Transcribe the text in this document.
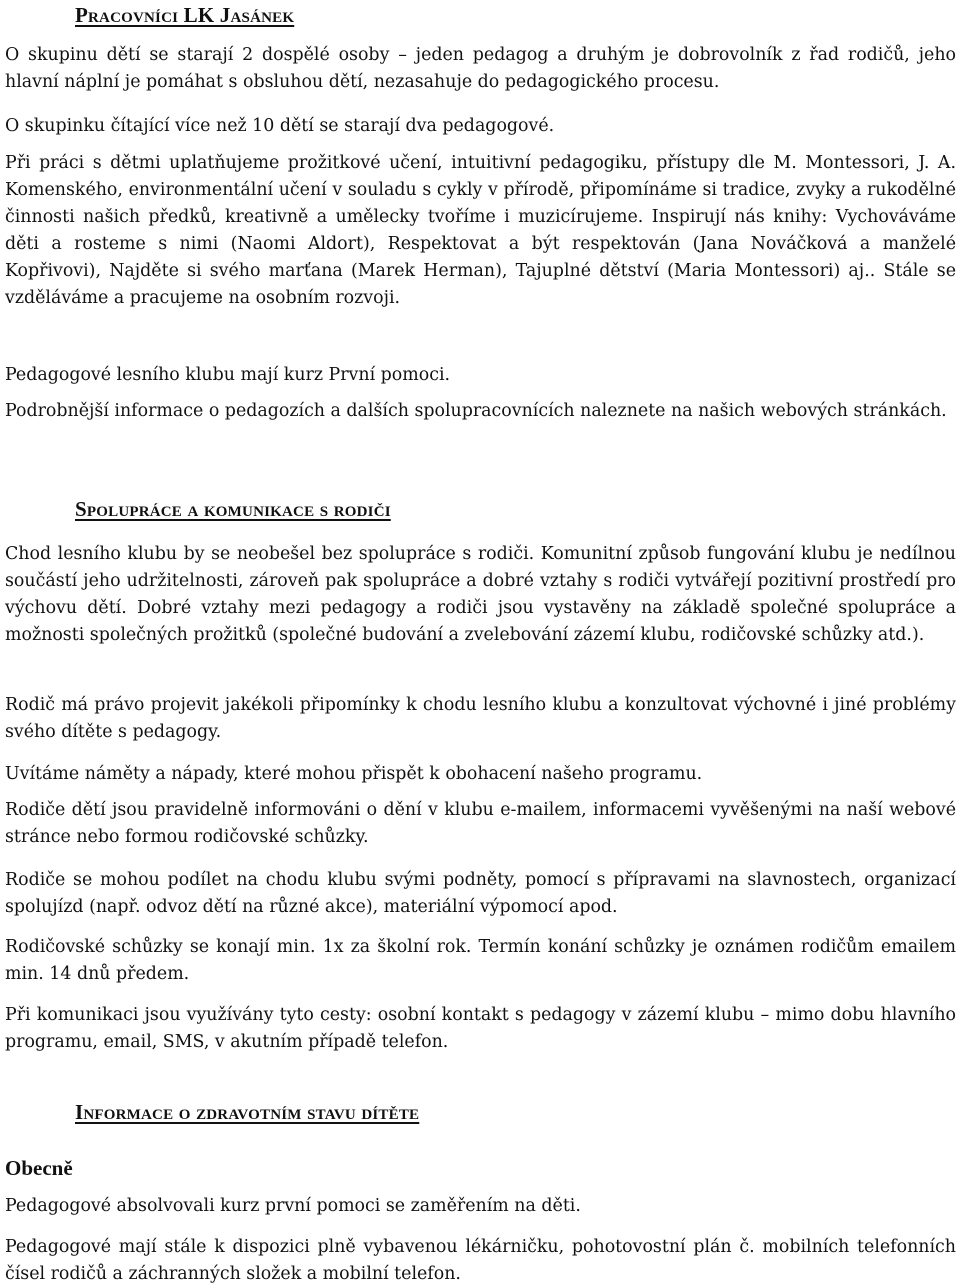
Pracovníci LK Jasánek

O skupinu dětí se starají 2 dospělé osoby – jeden pedagog a druhým je dobrovolník z řad rodičů, jeho hlavní náplní je pomáhat s obsluhou dětí, nezasahuje do pedagogického procesu.

O skupinku čítající více než 10 dětí se starají dva pedagogové.

Při práci s dětmi uplatňujeme prožitkové učení, intuitivní pedagogiku, přístupy dle M. Montessori, J. A. Komenského, environmentální učení v souladu s cykly v přírodě, připomínáme si tradice, zvyky a rukodělné činnosti našich předků, kreativně a umělecky tvoříme i muzicírujeme. Inspirují nás knihy: Vychováváme děti a rosteme s nimi (Naomi Aldort), Respektovat a být respektován (Jana Nováčková a manželé Kopřivovi), Najděte si svého marťana (Marek Herman), Tajuplné dětství (Maria Montessori) aj.. Stále se vzděláváme a pracujeme na osobním rozvoji.

Pedagogové lesního klubu mají kurz První pomoci.

Podrobnější informace o pedagozích a dalších spolupracovnících naleznete na našich webových stránkách.

Spolupráce a komunikace s rodiči

Chod lesního klubu by se neobešel bez spolupráce s rodiči. Komunitní způsob fungování klubu je nedílnou součástí jeho udržitelnosti, zároveň pak spolupráce a dobré vztahy s rodiči vytvářejí pozitivní prostředí pro výchovu dětí. Dobré vztahy mezi pedagogy a rodiči jsou vystavěny na základě společné spolupráce a možnosti společných prožitků (společné budování a zvelebování zázemí klubu, rodičovské schůzky atd.).

Rodič má právo projevit jakékoli připomínky k chodu lesního klubu a konzultovat výchovné i jiné problémy svého dítěte s pedagogy.

Uvítáme náměty a nápady, které mohou přispět k obohacení našeho programu.

Rodiče dětí jsou pravidelně informováni o dění v klubu e-mailem, informacemi vyvěšenými na naší webové stránce nebo formou rodičovské schůzky.

Rodiče se mohou podílet na chodu klubu svými podněty, pomocí s přípravami na slavnostech, organizací spolujízd (např. odvoz dětí na různé akce), materiální výpomocí apod.

Rodičovské schůzky se konají min. 1x za školní rok. Termín konání schůzky je oznámen rodičům emailem min. 14 dnů předem.

Při komunikaci jsou využívány tyto cesty: osobní kontakt s pedagogy v zázemí klubu – mimo dobu hlavního programu, email, SMS, v akutním případě telefon.

Informace o zdravotním stavu dítěte
Obecně

Pedagogové absolvovali kurz první pomoci se zaměřením na děti.

Pedagogové mají stále k dispozici plně vybavenou lékárničku, pohotovostní plán č. mobilních telefonních čísel rodičů a záchranných složek a mobilní telefon.
